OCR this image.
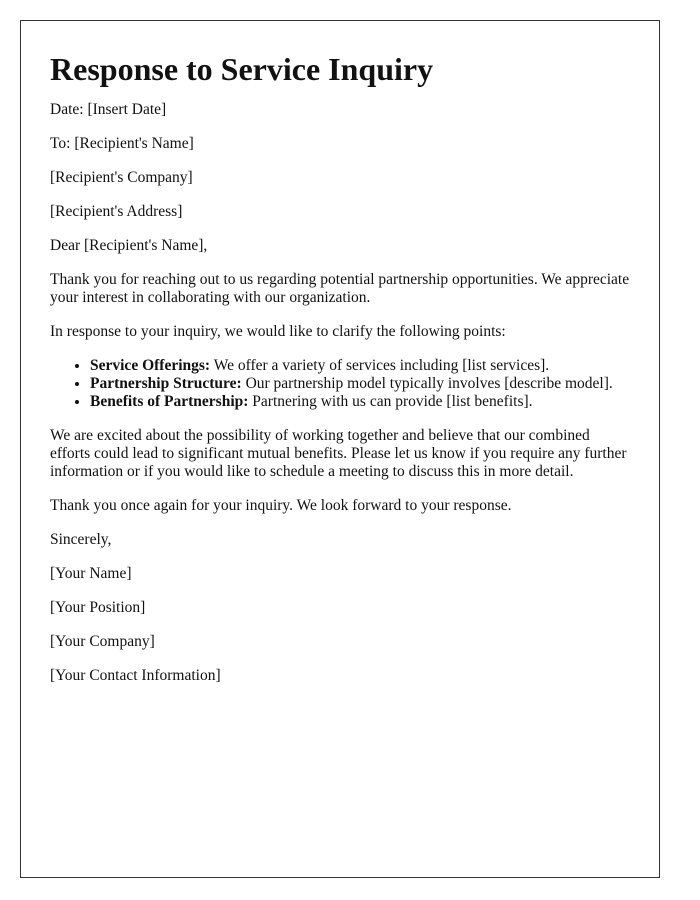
Response to Service Inquiry

Date: [Insert Date]

To: [Recipient's Name]

[Recipient's Company]

[Recipient's Address]

Dear [Recipient's Name],

Thank you for reaching out to us regarding potential partnership opportunities. We appreciate your interest in collaborating with our organization.

In response to your inquiry, we would like to clarify the following points:

• Service Offerings: We offer a variety of services including [list services].
• Partnership Structure: Our partnership model typically involves [describe model].
• Benefits of Partnership: Partnering with us can provide [list benefits].

We are excited about the possibility of working together and believe that our combined efforts could lead to significant mutual benefits. Please let us know if you require any further information or if you would like to schedule a meeting to discuss this in more detail.

Thank you once again for your inquiry. We look forward to your response.

Sincerely,

[Your Name]

[Your Position]

[Your Company]

[Your Contact Information]
